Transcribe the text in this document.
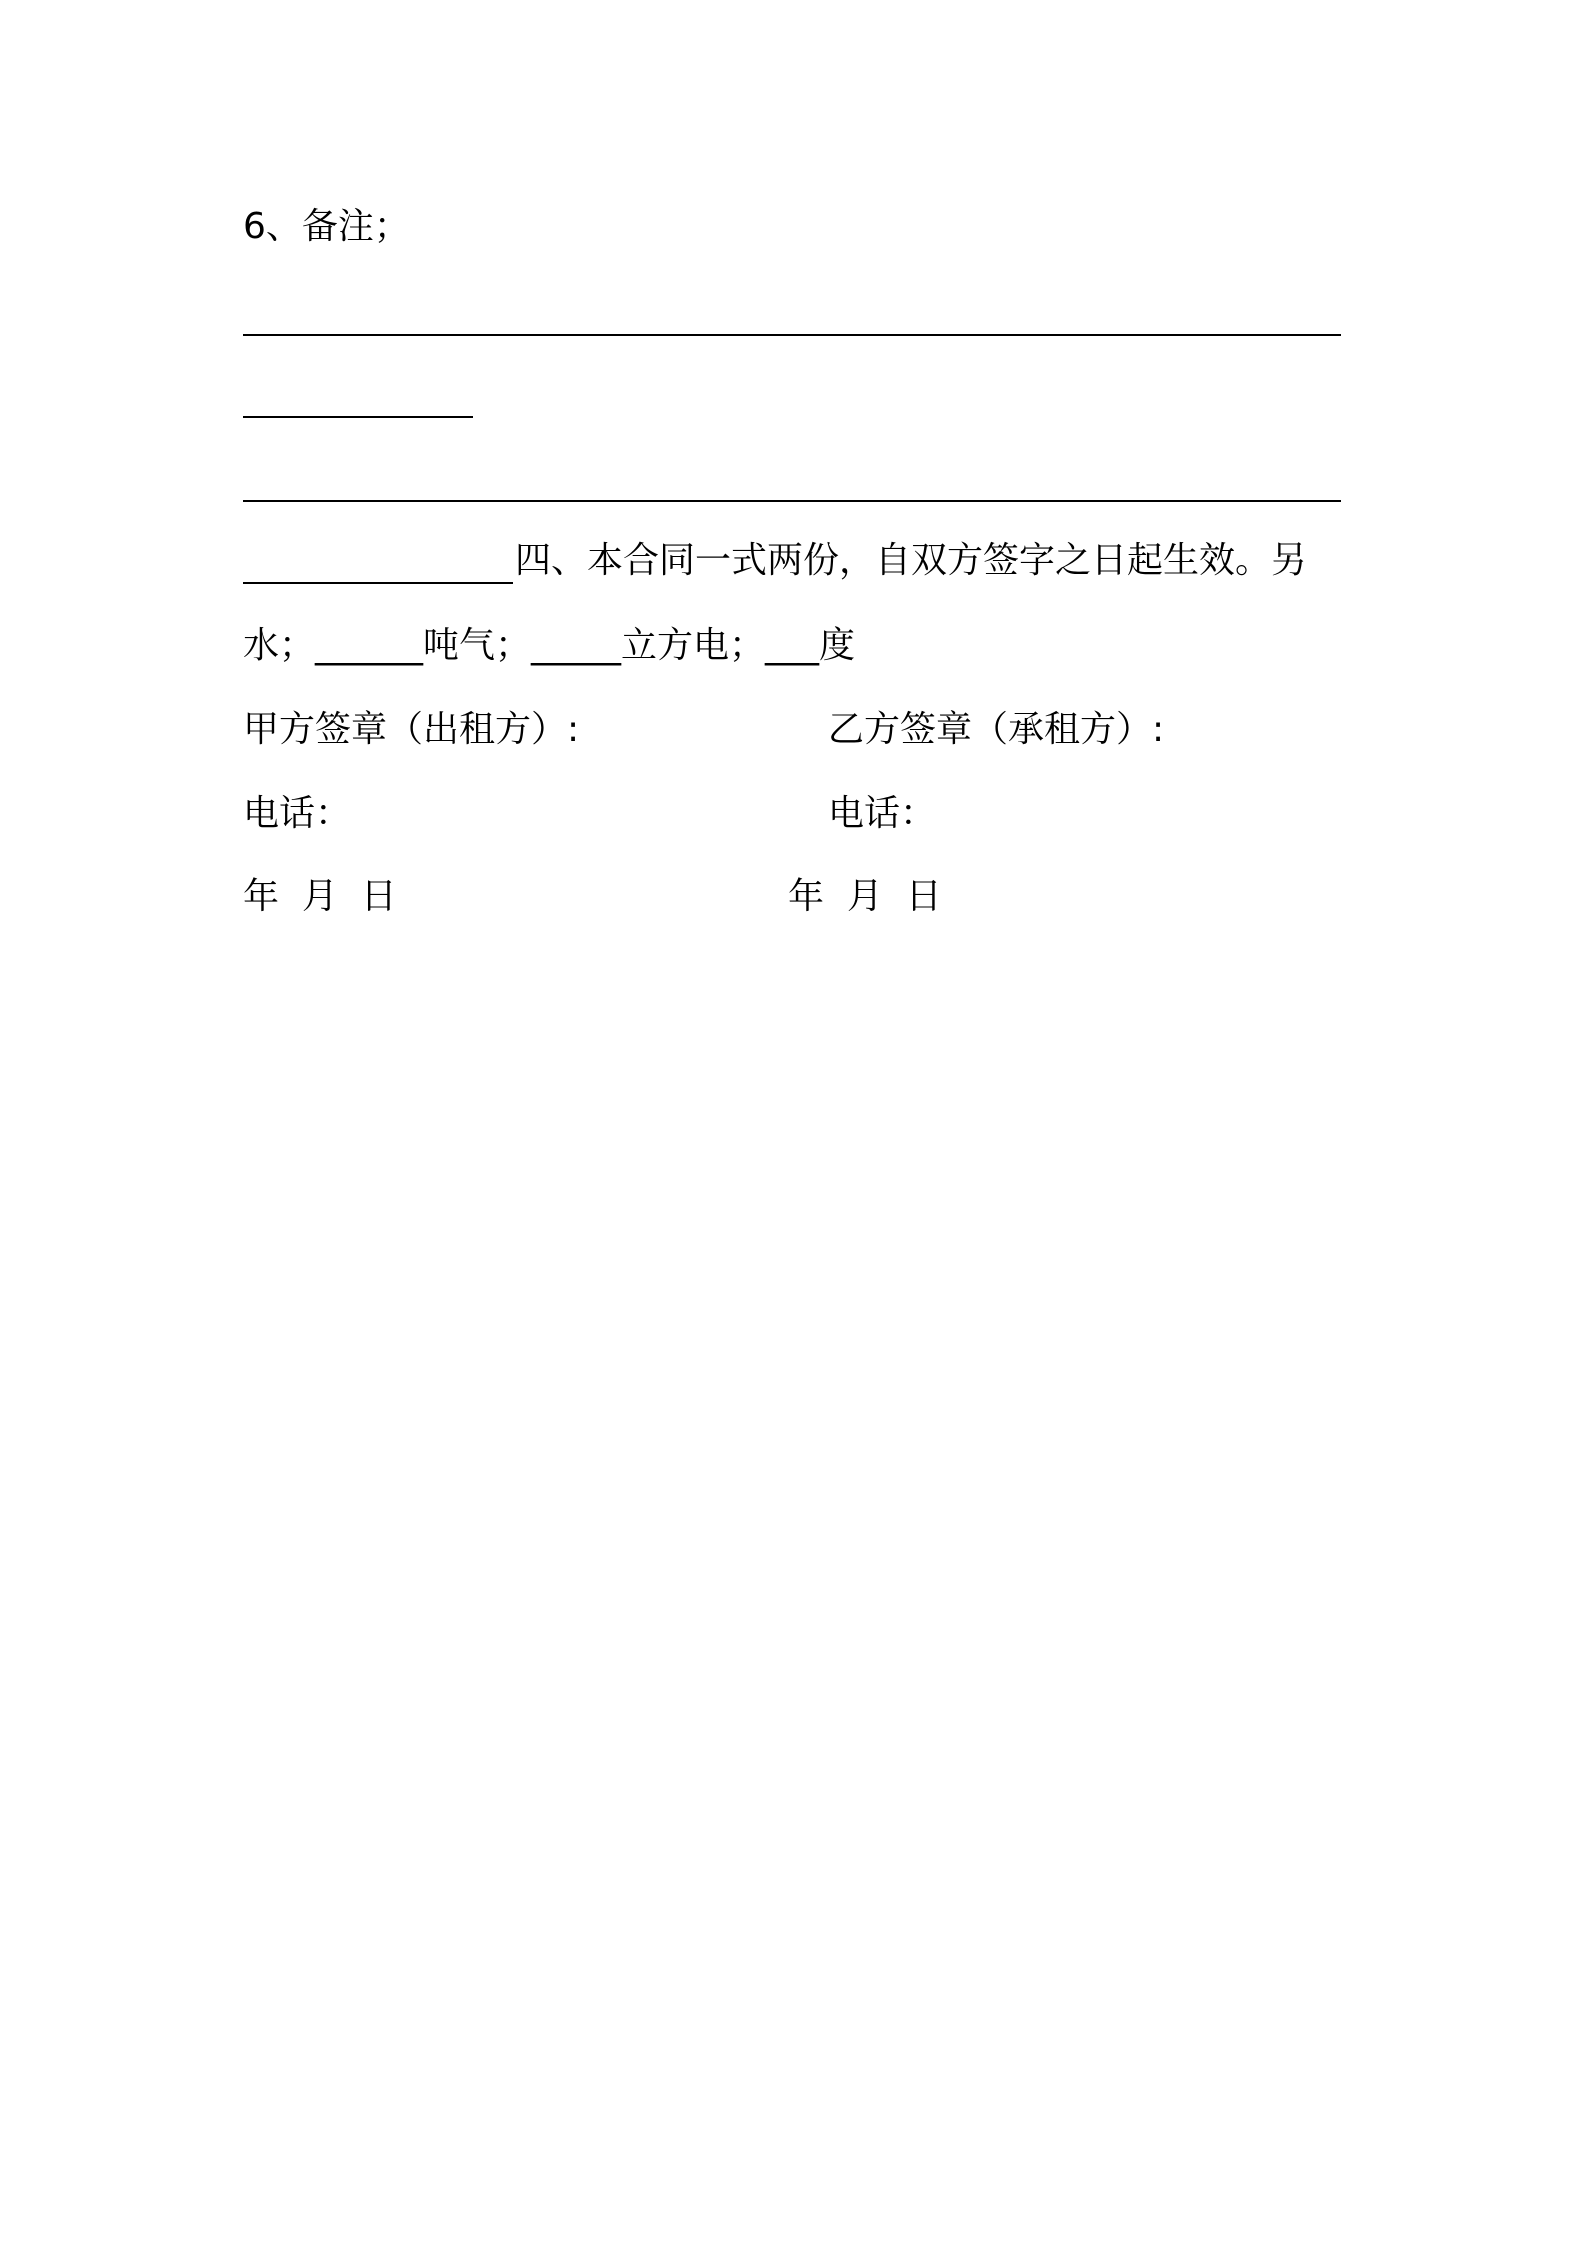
6、备注；
四、本合同一式两份，自双方签字之日起生效。另
水；______吨气；_____立方电；___度
甲方签章（出租方）:	乙方签章（承租方）:
电话：	电话：
年  月  日	年  月  日
